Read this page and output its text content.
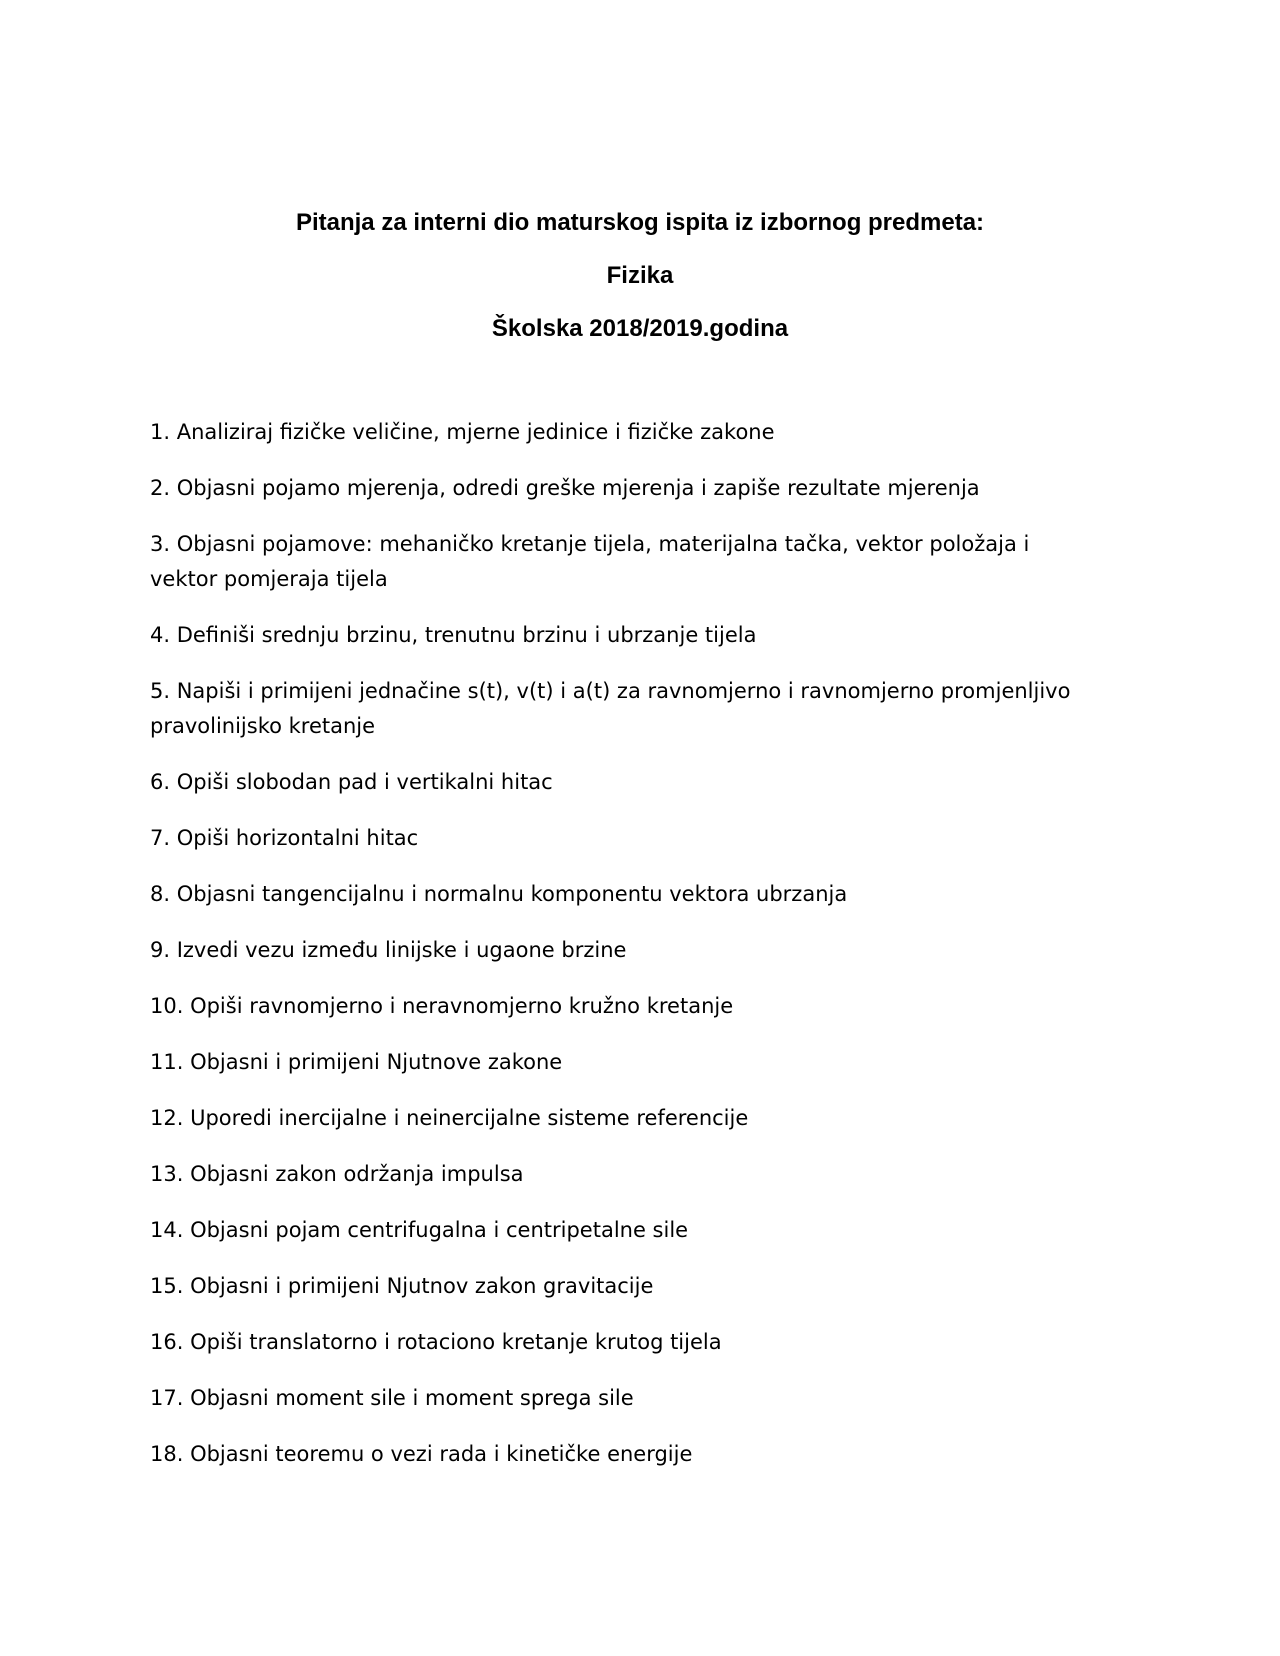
Pitanja za interni dio maturskog ispita iz izbornog predmeta:
Fizika
Školska 2018/2019.godina
1. Analiziraj fizičke veličine, mjerne jedinice i fizičke zakone
2. Objasni pojamo mjerenja, odredi greške mjerenja i zapiše rezultate mjerenja
3. Objasni pojamove: mehaničko kretanje tijela, materijalna tačka, vektor položaja i vektor pomjeraja tijela
4. Definiši srednju brzinu, trenutnu brzinu i ubrzanje tijela
5. Napiši i primijeni jednačine s(t), v(t) i a(t) za ravnomjerno i ravnomjerno promjenljivo pravolinijsko kretanje
6. Opiši slobodan pad i vertikalni hitac
7. Opiši horizontalni hitac
8. Objasni tangencijalnu i normalnu komponentu vektora ubrzanja
9. Izvedi vezu između linijske i ugaone brzine
10. Opiši ravnomjerno i neravnomjerno kružno kretanje
11. Objasni i primijeni Njutnove zakone
12. Uporedi inercijalne i neinercijalne sisteme referencije
13. Objasni zakon održanja impulsa
14. Objasni pojam centrifugalna i centripetalne sile
15. Objasni i primijeni Njutnov zakon gravitacije
16. Opiši translatorno i rotaciono kretanje krutog tijela
17. Objasni moment sile i moment sprega sile
18. Objasni teoremu o vezi rada i kinetičke energije
